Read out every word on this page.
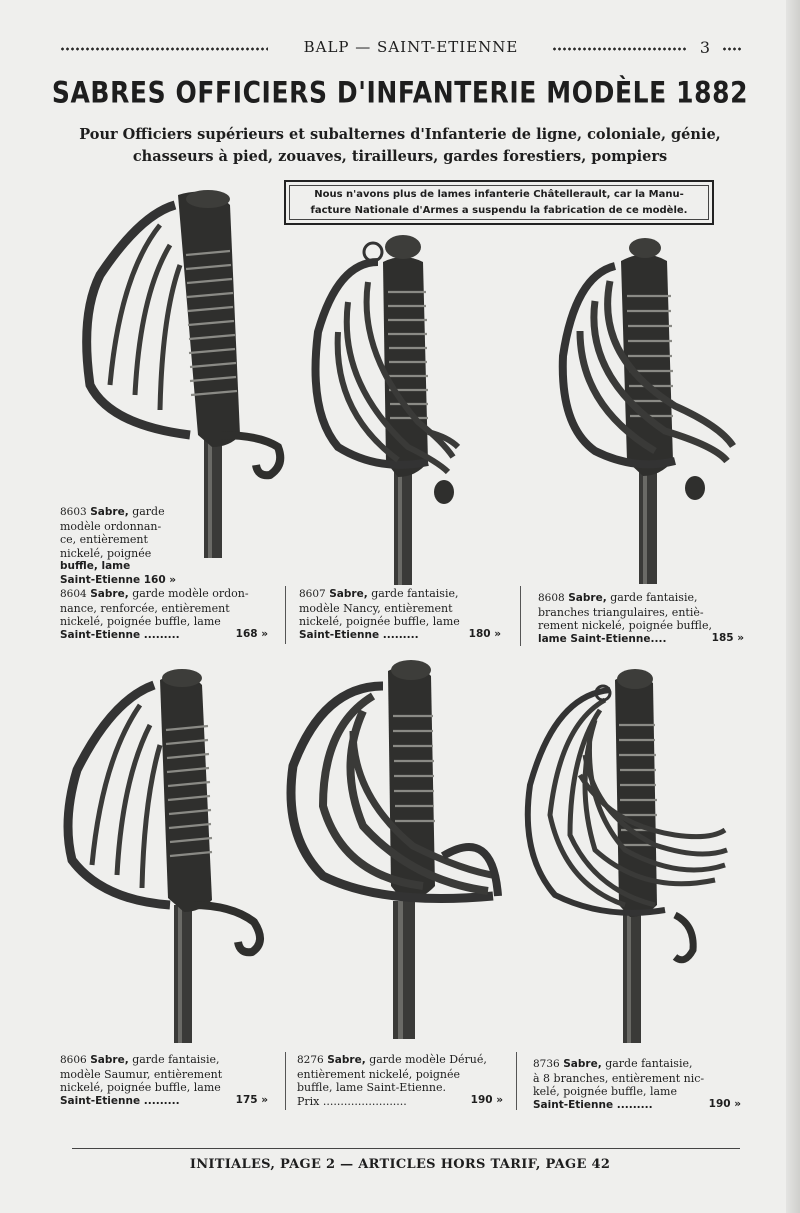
BALP — SAINT-ETIENNE	3
SABRES OFFICIERS D'INFANTERIE MODÈLE 1882
Pour Officiers supérieurs et subalternes d'Infanterie de ligne, coloniale, génie,
chasseurs à pied, zouaves, tirailleurs, gardes forestiers, pompiers
Nous n'avons plus de lames infanterie Châtellerault, car la Manu-
facture Nationale d'Armes a suspendu la fabrication de ce modèle.
8603 Sabre, garde
modèle ordonnan-
ce, entièrement
nickelé, poignée
buffle, lame
Saint-Etienne 160 »
8604 Sabre, garde modèle ordon-
nance, renforcée, entièrement
nickelé, poignée buffle, lame
Saint-Etienne .........	168 »
8607 Sabre, garde fantaisie,
modèle Nancy, entièrement
nickelé, poignée buffle, lame
Saint-Etienne .........	180 »
8608 Sabre, garde fantaisie,
branches triangulaires, entiè-
rement nickelé, poignée buffle,
lame Saint-Etienne....	185 »
8606 Sabre, garde fantaisie,
modèle Saumur, entièrement
nickelé, poignée buffle, lame
Saint-Etienne .........	175 »
8276 Sabre, garde modèle Dérué,
entièrement nickelé, poignée
buffle, lame Saint-Etienne.
Prix ........................	190 »
8736 Sabre, garde fantaisie,
à 8 branches, entièrement nic-
kelé, poignée buffle, lame
Saint-Etienne .........	190 »
INITIALES, PAGE 2 — ARTICLES HORS TARIF, PAGE 42
